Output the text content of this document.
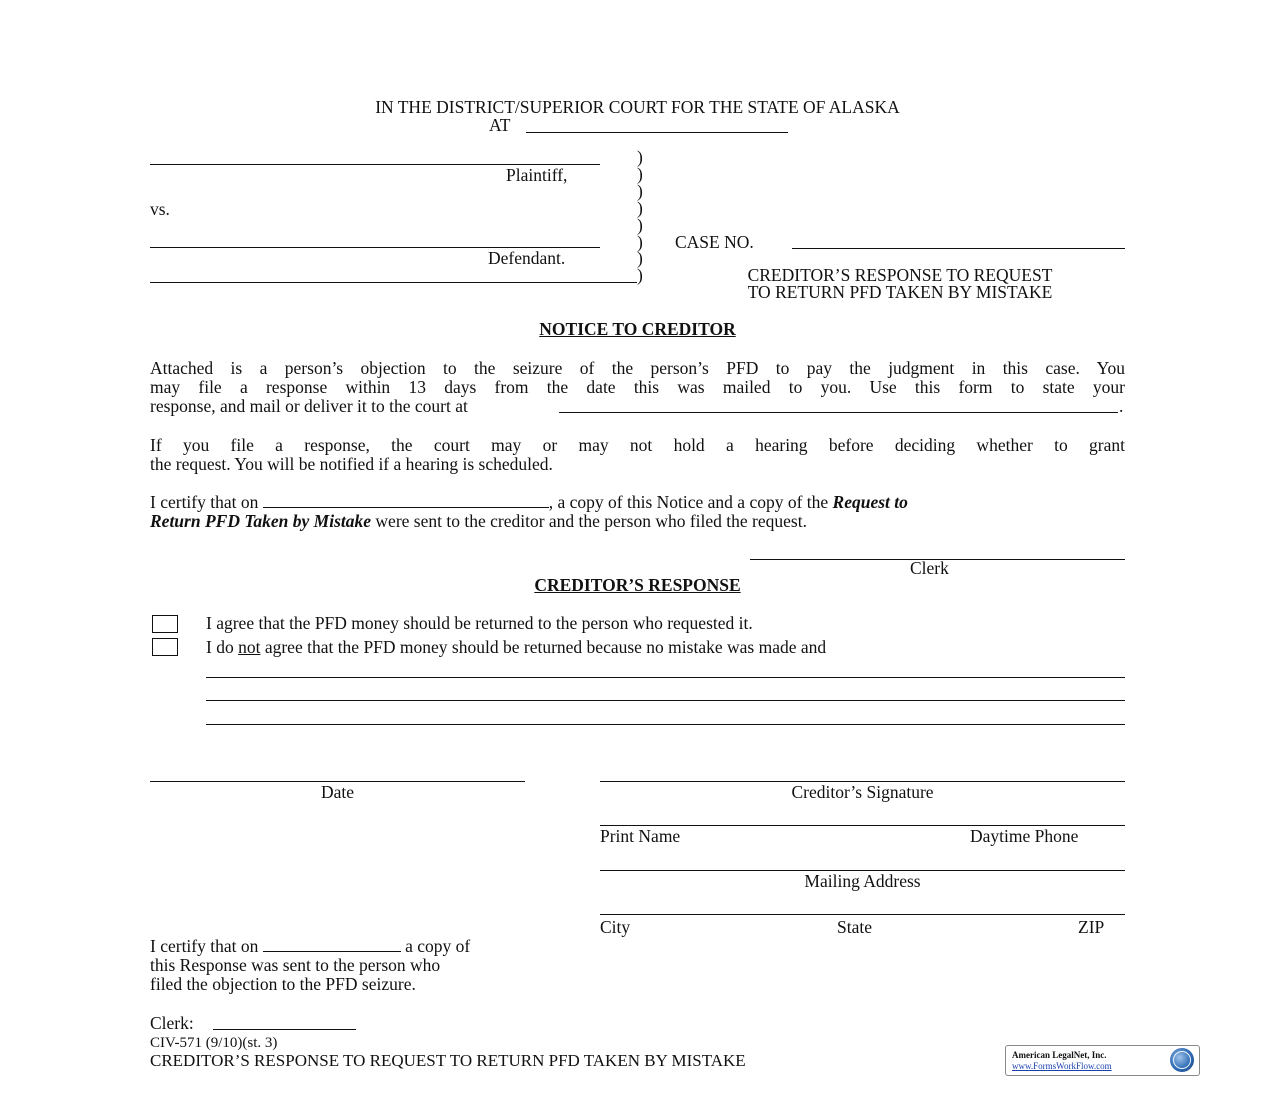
IN THE DISTRICT/SUPERIOR COURT FOR THE STATE OF ALASKA
AT
Plaintiff,
vs.
Defendant.
)
)
)
)
)
)
)
)
CASE NO.
CREDITOR’S RESPONSE TO REQUEST
TO RETURN PFD TAKEN BY MISTAKE
NOTICE TO CREDITOR
Attached is a person’s objection to the seizure of the person’s PFD to pay the judgment in this case. You
may file a response within 13 days from the date this was mailed to you. Use this form to state your
response, and mail or deliver it to the court at	.
If you file a response, the court may or may not hold a hearing before deciding whether to grant
the request. You will be notified if a hearing is scheduled.
I certify that on	, a copy of this Notice and a copy of the Request to
Return PFD Taken by Mistake were sent to the creditor and the person who filed the request.
Clerk
CREDITOR’S RESPONSE
I agree that the PFD money should be returned to the person who requested it.
I do not agree that the PFD money should be returned because no mistake was made and
Date	Creditor’s Signature
Print Name	Daytime Phone
Mailing Address
City	State	ZIP
I certify that on	a copy of
this Response was sent to the person who
filed the objection to the PFD seizure.
Clerk:
CIV-571 (9/10)(st. 3)
CREDITOR’S RESPONSE TO REQUEST TO RETURN PFD TAKEN BY MISTAKE	American LegalNet, Inc.
www.FormsWorkFlow.com
